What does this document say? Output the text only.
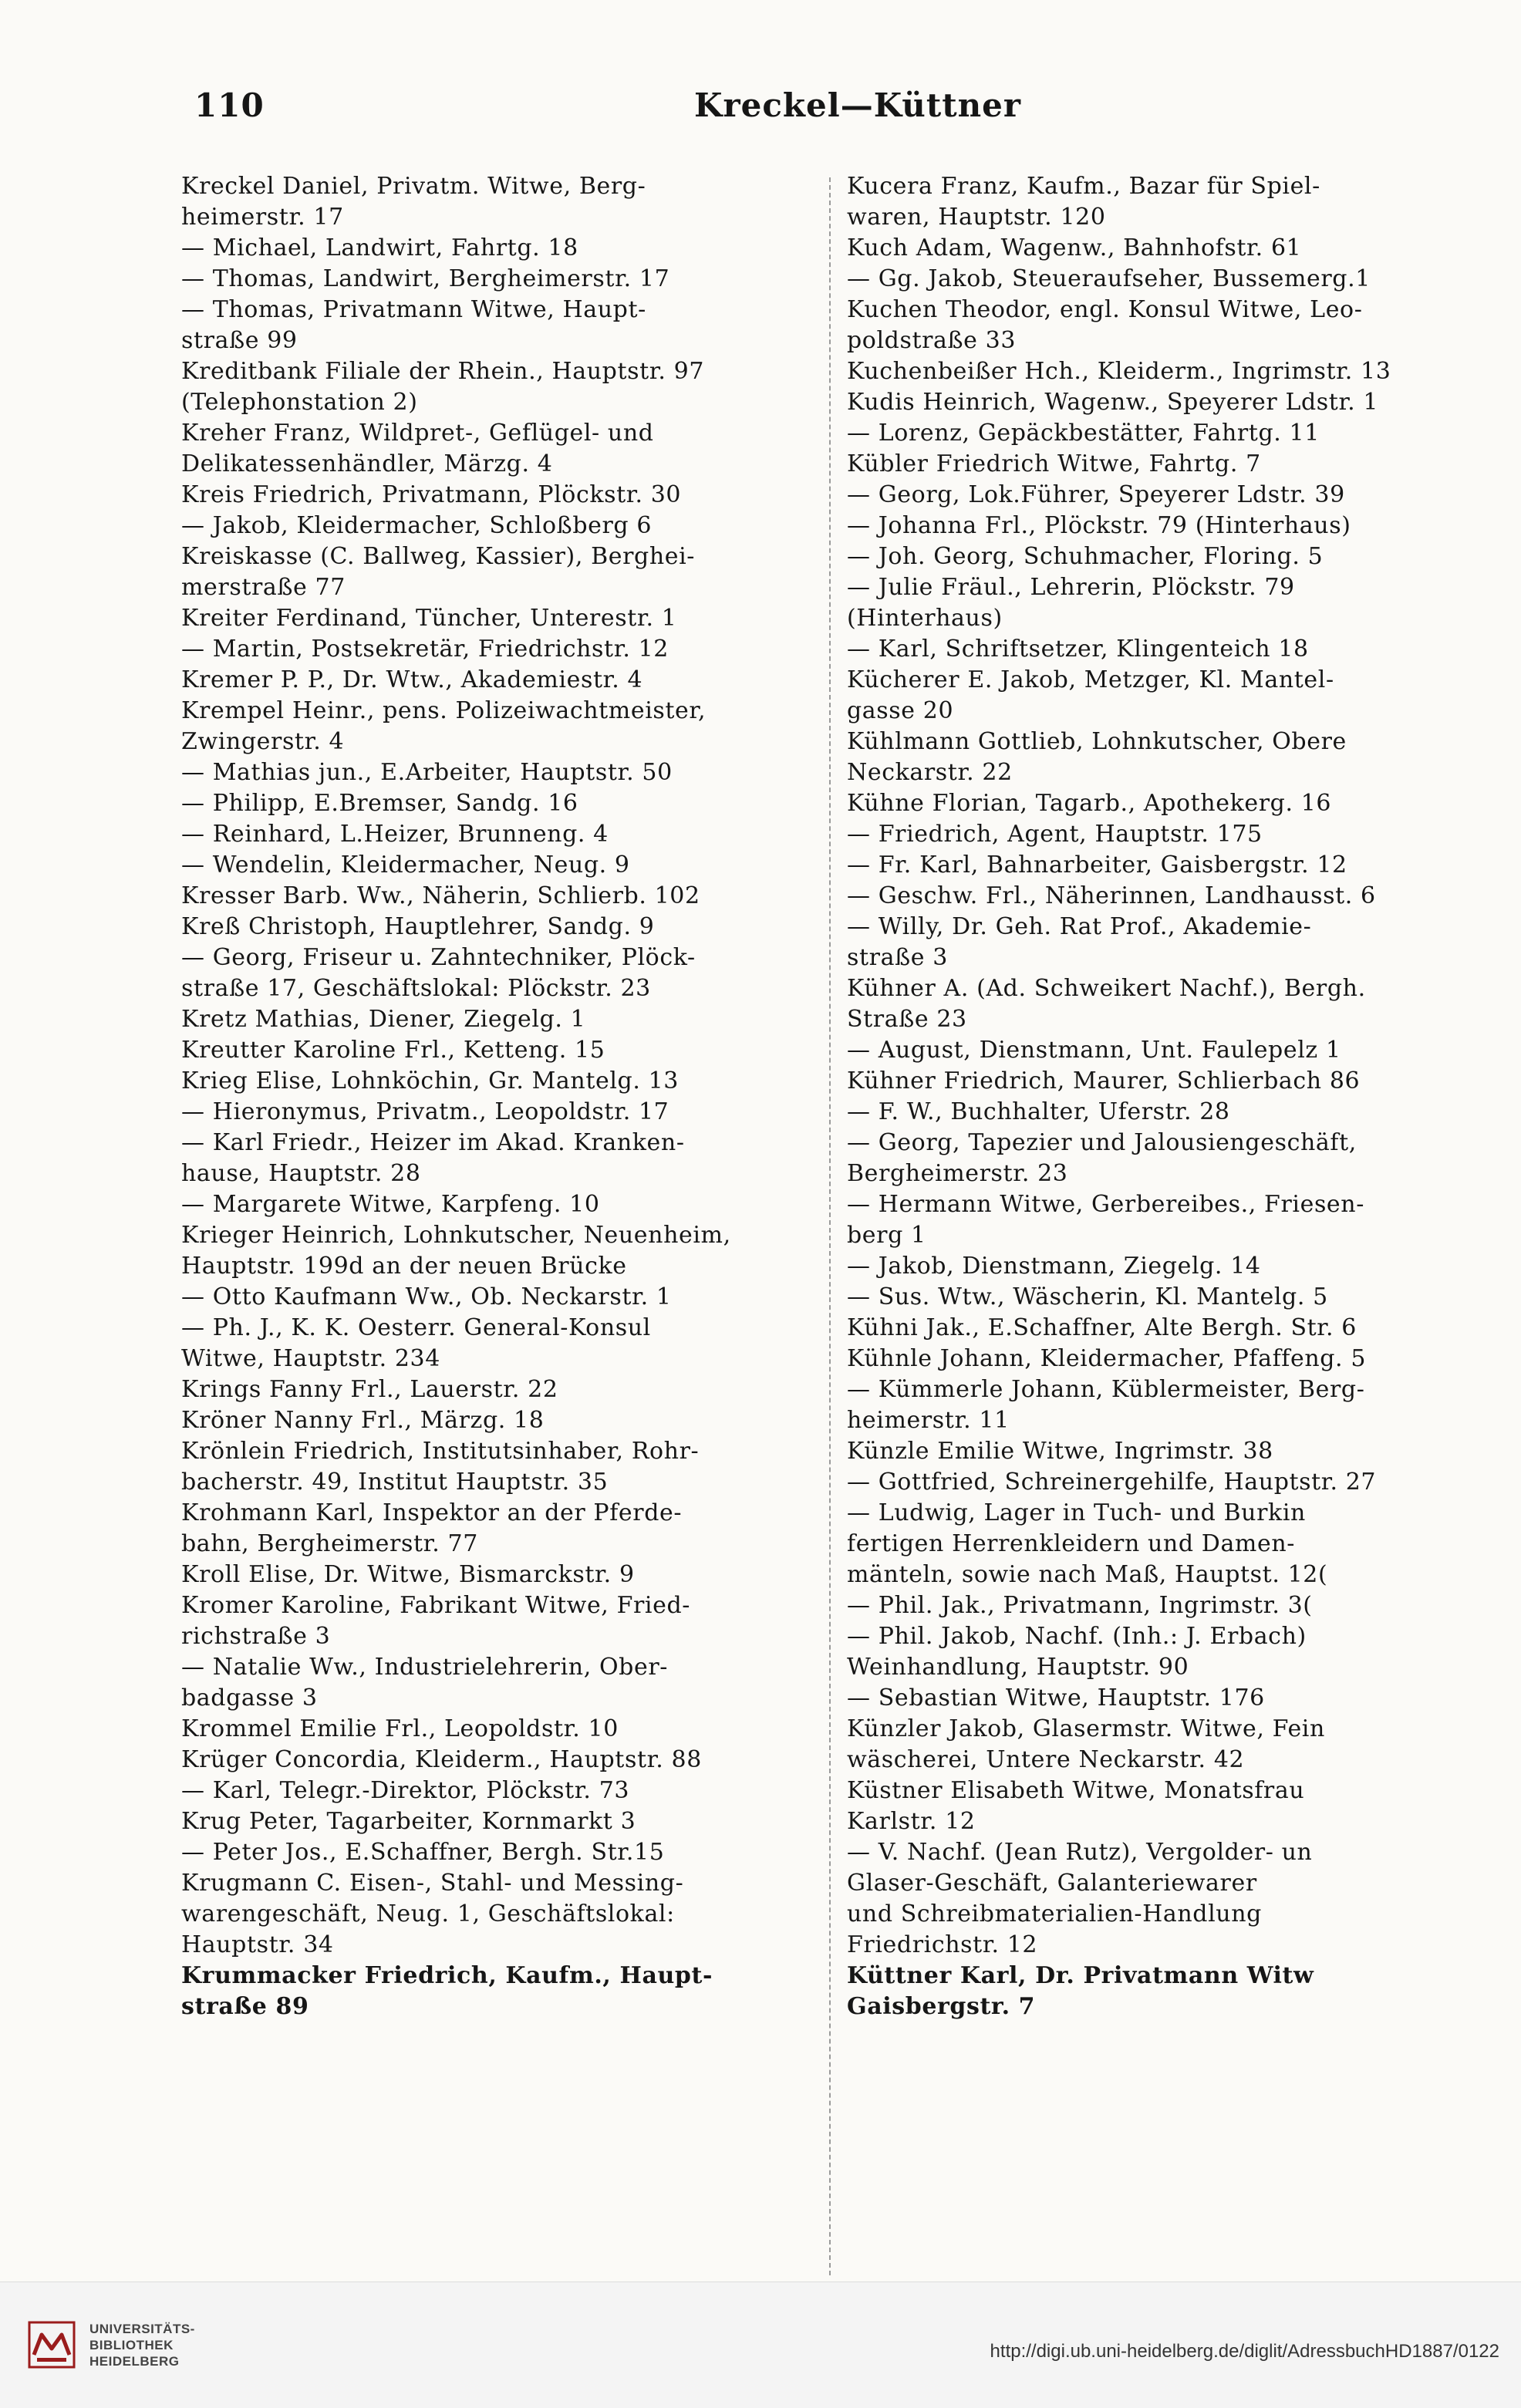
110	Kreckel—Küttner
Kreckel Daniel, Privatm. Witwe, Berg-
heimerstr. 17
— Michael, Landwirt, Fahrtg. 18
— Thomas, Landwirt, Bergheimerstr. 17
— Thomas, Privatmann Witwe, Haupt-
straße 99
Kreditbank Filiale der Rhein., Hauptstr. 97
(Telephonstation 2)
Kreher Franz, Wildpret-, Geflügel- und
Delikatessenhändler, Märzg. 4
Kreis Friedrich, Privatmann, Plöckstr. 30
— Jakob, Kleidermacher, Schloßberg 6
Kreiskasse (C. Ballweg, Kassier), Berghei-
merstraße 77
Kreiter Ferdinand, Tüncher, Unterestr. 1
— Martin, Postsekretär, Friedrichstr. 12
Kremer P. P., Dr. Wtw., Akademiestr. 4
Krempel Heinr., pens. Polizeiwachtmeister,
Zwingerstr. 4
— Mathias jun., E.Arbeiter, Hauptstr. 50
— Philipp, E.Bremser, Sandg. 16
— Reinhard, L.Heizer, Brunneng. 4
— Wendelin, Kleidermacher, Neug. 9
Kresser Barb. Ww., Näherin, Schlierb. 102
Kreß Christoph, Hauptlehrer, Sandg. 9
— Georg, Friseur u. Zahntechniker, Plöck-
straße 17, Geschäftslokal: Plöckstr. 23
Kretz Mathias, Diener, Ziegelg. 1
Kreutter Karoline Frl., Ketteng. 15
Krieg Elise, Lohnköchin, Gr. Mantelg. 13
— Hieronymus, Privatm., Leopoldstr. 17
— Karl Friedr., Heizer im Akad. Kranken-
hause, Hauptstr. 28
— Margarete Witwe, Karpfeng. 10
Krieger Heinrich, Lohnkutscher, Neuenheim,
Hauptstr. 199d an der neuen Brücke
— Otto Kaufmann Ww., Ob. Neckarstr. 1
— Ph. J., K. K. Oesterr. General-Konsul
Witwe, Hauptstr. 234
Krings Fanny Frl., Lauerstr. 22
Kröner Nanny Frl., Märzg. 18
Krönlein Friedrich, Institutsinhaber, Rohr-
bacherstr. 49, Institut Hauptstr. 35
Krohmann Karl, Inspektor an der Pferde-
bahn, Bergheimerstr. 77
Kroll Elise, Dr. Witwe, Bismarckstr. 9
Kromer Karoline, Fabrikant Witwe, Fried-
richstraße 3
— Natalie Ww., Industrielehrerin, Ober-
badgasse 3
Krommel Emilie Frl., Leopoldstr. 10
Krüger Concordia, Kleiderm., Hauptstr. 88
— Karl, Telegr.-Direktor, Plöckstr. 73
Krug Peter, Tagarbeiter, Kornmarkt 3
— Peter Jos., E.Schaffner, Bergh. Str.15
Krugmann C. Eisen-, Stahl- und Messing-
warengeschäft, Neug. 1, Geschäftslokal:
Hauptstr. 34
Krummacker Friedrich, Kaufm., Haupt-
straße 89
Kucera Franz, Kaufm., Bazar für Spiel-
waren, Hauptstr. 120
Kuch Adam, Wagenw., Bahnhofstr. 61
— Gg. Jakob, Steueraufseher, Bussemerg.1
Kuchen Theodor, engl. Konsul Witwe, Leo-
poldstraße 33
Kuchenbeißer Hch., Kleiderm., Ingrimstr. 13
Kudis Heinrich, Wagenw., Speyerer Ldstr. 1
— Lorenz, Gepäckbestätter, Fahrtg. 11
Kübler Friedrich Witwe, Fahrtg. 7
— Georg, Lok.Führer, Speyerer Ldstr. 39
— Johanna Frl., Plöckstr. 79 (Hinterhaus)
— Joh. Georg, Schuhmacher, Floring. 5
— Julie Fräul., Lehrerin, Plöckstr. 79
(Hinterhaus)
— Karl, Schriftsetzer, Klingenteich 18
Kücherer E. Jakob, Metzger, Kl. Mantel-
gasse 20
Kühlmann Gottlieb, Lohnkutscher, Obere
Neckarstr. 22
Kühne Florian, Tagarb., Apothekerg. 16
— Friedrich, Agent, Hauptstr. 175
— Fr. Karl, Bahnarbeiter, Gaisbergstr. 12
— Geschw. Frl., Näherinnen, Landhausst. 6
— Willy, Dr. Geh. Rat Prof., Akademie-
straße 3
Kühner A. (Ad. Schweikert Nachf.), Bergh.
Straße 23
— August, Dienstmann, Unt. Faulepelz 1
Kühner Friedrich, Maurer, Schlierbach 86
— F. W., Buchhalter, Uferstr. 28
— Georg, Tapezier und Jalousiengeschäft,
Bergheimerstr. 23
— Hermann Witwe, Gerbereibes., Friesen-
berg 1
— Jakob, Dienstmann, Ziegelg. 14
— Sus. Wtw., Wäscherin, Kl. Mantelg. 5
Kühni Jak., E.Schaffner, Alte Bergh. Str. 6
Kühnle Johann, Kleidermacher, Pfaffeng. 5
— Kümmerle Johann, Küblermeister, Berg-
heimerstr. 11
Künzle Emilie Witwe, Ingrimstr. 38
— Gottfried, Schreinergehilfe, Hauptstr. 27
— Ludwig, Lager in Tuch- und Burkin
fertigen Herrenkleidern und Damen-
mänteln, sowie nach Maß, Hauptst. 12(
— Phil. Jak., Privatmann, Ingrimstr. 3(
— Phil. Jakob, Nachf. (Inh.: J. Erbach)
Weinhandlung, Hauptstr. 90
— Sebastian Witwe, Hauptstr. 176
Künzler Jakob, Glasermstr. Witwe, Fein
wäscherei, Untere Neckarstr. 42
Küstner Elisabeth Witwe, Monatsfrau
Karlstr. 12
— V. Nachf. (Jean Rutz), Vergolder- un
Glaser-Geschäft, Galanteriewarer
und Schreibmaterialien-Handlung
Friedrichstr. 12
Küttner Karl, Dr. Privatmann Witw
Gaisbergstr. 7
UNIVERSITÄTS-
BIBLIOTHEK
HEIDELBERG	http://digi.ub.uni-heidelberg.de/diglit/AdressbuchHD1887/0122
